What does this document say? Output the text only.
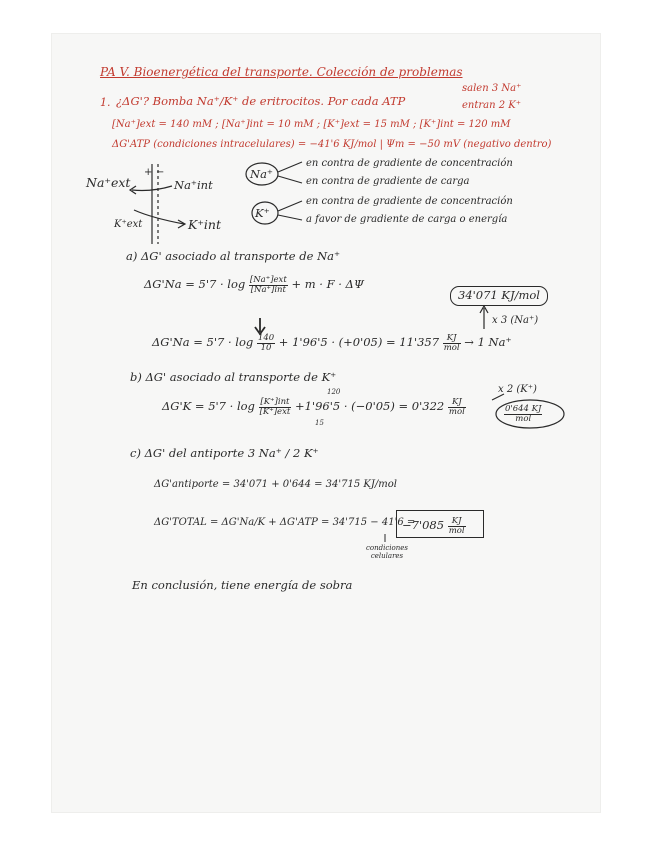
PA V. Bioenergética del transporte. Colección de problemas
1. ¿ΔG'? Bomba Na⁺/K⁺ de eritrocitos. Por cada ATP
salen 3 Na⁺
entran 2 K⁺
[Na⁺]ext = 140 mM ; [Na⁺]int = 10 mM ; [K⁺]ext = 15 mM ; [K⁺]int = 120 mM
ΔG'ATP (condiciones intracelulares) = −41'6 KJ/mol | Ψm = −50 mV (negativo dentro)
Na⁺ext	Na⁺int
K⁺ext	K⁺int
+ −	Na⁺
en contra de gradiente de concentración
en contra de gradiente de carga
K⁺
en contra de gradiente de concentración
a favor de gradiente de carga o energía
a) ΔG' asociado al transporte de Na⁺
$\Delta G'Na = 5'7 \cdot \log \frac{\text{[Na⁺]ext}}{\text{[Na⁺]int}} + m \cdot F \cdot \Delta\Psi$
34'071 KJ/mol
x 3 (Na⁺)
$\Delta G'Na = 5'7 \cdot \log \frac{140}{10} + 1'96'5 \cdot (+0'05) = 11'357 \frac{KJ}{\text{mol}} \to 1$ Na⁺
b) ΔG' asociado al transporte de K⁺
120
15
$\Delta G'K = 5'7 \cdot \log \frac{\text{[K⁺]int}}{\text{[K⁺]ext}} +1'96'5 \cdot (-0'05) = 0'322 \frac{KJ}{\text{mol}}$
x 2 (K⁺)
$\frac{0'644 KJ}{\text{mol}}$
c) ΔG' del antiporte 3 Na⁺ / 2 K⁺
ΔG'antiporte = 34'071 + 0'644 = 34'715 KJ/mol
ΔG'TOTAL = ΔG'Na/K + ΔG'ATP = 34'715 − 41'6 =
$-7'085 \frac{KJ}{\text{mol}}$
condiciones celulares
En conclusión, tiene energía de sobra
